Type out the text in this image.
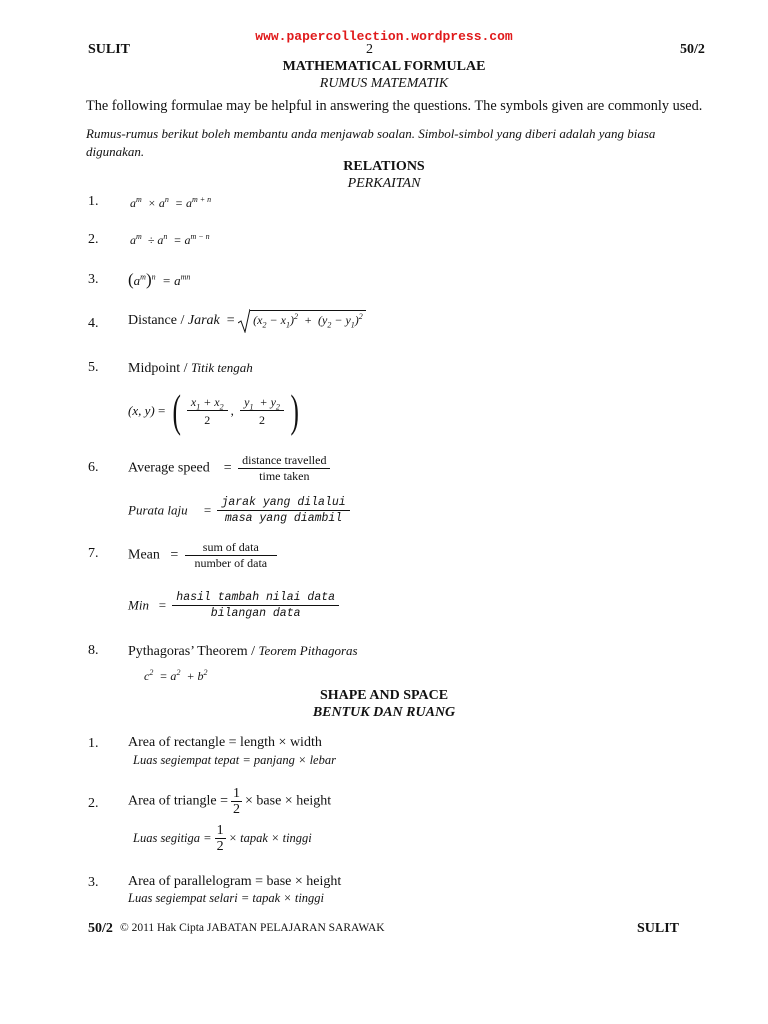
www.papercollection.wordpress.com
SULIT	2	50/2
MATHEMATICAL FORMULAE
RUMUS MATEMATIK
The following formulae may be helpful in answering the questions. The symbols given are commonly used.
Rumus-rumus berikut boleh membantu anda menjawab soalan. Simbol-simbol yang diberi adalah yang biasa
digunakan.
RELATIONS
PERKAITAN
1.	$a^m \times a^n = a^{m + n}$
2.	$a^m \div a^n = a^{m - n}$
3. $(a^m)^n = a^{mn}$
4. Distance / Jarak = $(x_2 - x_1)^2 + (y_2 - y_1)^2$
5. Midpoint / Titik tengah
(x, y) = ( $\frac{x_1 + x_2}{2}$ , $\frac{y_1 + y_2}{2}$ )
6. Average speed = $\frac{\text{distance travelled}}{\text{time taken}}$
Purata laju = $\frac{\text{jarak yang dilalui}}{\text{masa yang diambil}}$
7. Mean = $\frac{\text{sum of data}}{\text{number of data}}$
Min = $\frac{\text{hasil tambah nilai data}}{\text{bilangan data}}$
8. Pythagoras’ Theorem / Teorem Pithagoras
$c^2 = a^2 + b^2$
SHAPE AND SPACE
BENTUK DAN RUANG
1. Area of rectangle = length × width
Luas segiempat tepat = panjang × lebar
2. Area of triangle = $\frac{1}{2}$ × base × height
Luas segitiga = $\frac{1}{2}$ × tapak × tinggi
3. Area of parallelogram = base × height
Luas segiempat selari = tapak × tinggi
50/2 © 2011 Hak Cipta JABATAN PELAJARAN SARAWAK	SULIT
